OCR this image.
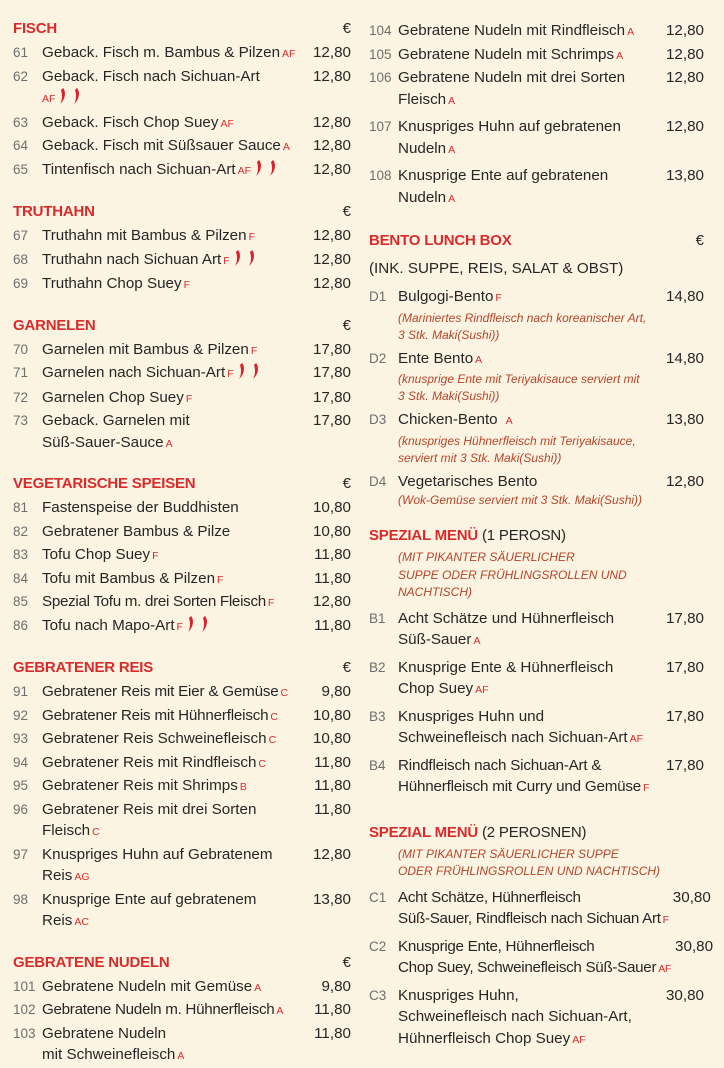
FISCH	€
61 Geback. Fisch m. Bambus & Pilzen AF	12,80
62 Geback. Fisch nach Sichuan-Art
AF
12,80
63 Geback. Fisch Chop Suey AF	12,80
64 Geback. Fisch mit Süßsauer Sauce A	12,80
65 Tintenfisch nach Sichuan-Art AF	12,80
TRUTHAHN	€
67 Truthahn mit Bambus & Pilzen F	12,80
68 Truthahn nach Sichuan Art F	12,80
69 Truthahn Chop Suey F	12,80
GARNELEN	€
70 Garnelen mit Bambus & Pilzen F	17,80
71 Garnelen nach Sichuan-Art F	17,80
72 Garnelen Chop Suey F	17,80
73 Geback. Garnelen mit
Süß-Sauer-Sauce A
17,80
VEGETARISCHE SPEISEN	€
81 Fastenspeise der Buddhisten	10,80
82 Gebratener Bambus & Pilze	10,80
83 Tofu Chop Suey F	11,80
84 Tofu mit Bambus & Pilzen F	11,80
85 Spezial Tofu m. drei Sorten Fleisch F	12,80
86 Tofu nach Mapo-Art F	11,80
GEBRATENER REIS	€
91 Gebratener Reis mit Eier & Gemüse C	9,80
92 Gebratener Reis mit Hühnerfleisch C	10,80
93 Gebratener Reis Schweinefleisch C	10,80
94 Gebratener Reis mit Rindfleisch C	11,80
95 Gebratener Reis mit Shrimps B	11,80
96 Gebratener Reis mit drei Sorten
Fleisch C
11,80
97 Knuspriges Huhn auf Gebratenem
Reis AG
12,80
98 Knusprige Ente auf gebratenem
Reis AC
13,80
GEBRATENE NUDELN	€
101 Gebratene Nudeln mit Gemüse A	9,80
102 Gebratene Nudeln m. Hühnerfleisch A	11,80
103 Gebratene Nudeln
mit Schweinefleisch A
11,80
104 Gebratene Nudeln mit Rindfleisch A	12,80
105 Gebratene Nudeln mit Schrimps A	12,80
106 Gebratene Nudeln mit drei Sorten
Fleisch A
12,80
107 Knuspriges Huhn auf gebratenen
Nudeln A
12,80
108 Knusprige Ente auf gebratenen
Nudeln A
13,80
BENTO LUNCH BOX	€
(INK. SUPPE, REIS, SALAT & OBST)
D1 Bulgogi-Bento F
(Mariniertes Rindfleisch nach koreanischer Art,
3 Stk. Maki(Sushi))
14,80
D2 Ente Bento A
(knusprige Ente mit Teriyakisauce serviert mit
3 Stk. Maki(Sushi))
14,80
D3 Chicken-Bento A
(knuspriges Hühnerfleisch mit Teriyakisauce,
serviert mit 3 Stk. Maki(Sushi))
13,80
D4 Vegetarisches Bento
(Wok-Gemüse serviert mit 3 Stk. Maki(Sushi))
12,80
SPEZIAL MENÜ (1 PEROSN)
(MIT PIKANTER SÄUERLICHER
SUPPE ODER FRÜHLINGSROLLEN UND
NACHTISCH)
B1 Acht Schätze und Hühnerfleisch
Süß-Sauer A
17,80
B2 Knusprige Ente & Hühnerfleisch
Chop Suey AF
17,80
B3 Knuspriges Huhn und
Schweinefleisch nach Sichuan-Art AF
17,80
B4 Rindfleisch nach Sichuan-Art &
Hühnerfleisch mit Curry und Gemüse F
17,80
SPEZIAL MENÜ (2 PEROSNEN)
(MIT PIKANTER SÄUERLICHER SUPPE
ODER FRÜHLINGSROLLEN UND NACHTISCH)
C1 Acht Schätze, Hühnerfleisch
Süß-Sauer, Rindfleisch nach Sichuan Art F
30,80
C2 Knusprige Ente, Hühnerfleisch
Chop Suey, Schweinefleisch Süß-Sauer AF
30,80
C3 Knuspriges Huhn,
Schweinefleisch nach Sichuan-Art,
Hühnerfleisch Chop Suey AF
30,80
